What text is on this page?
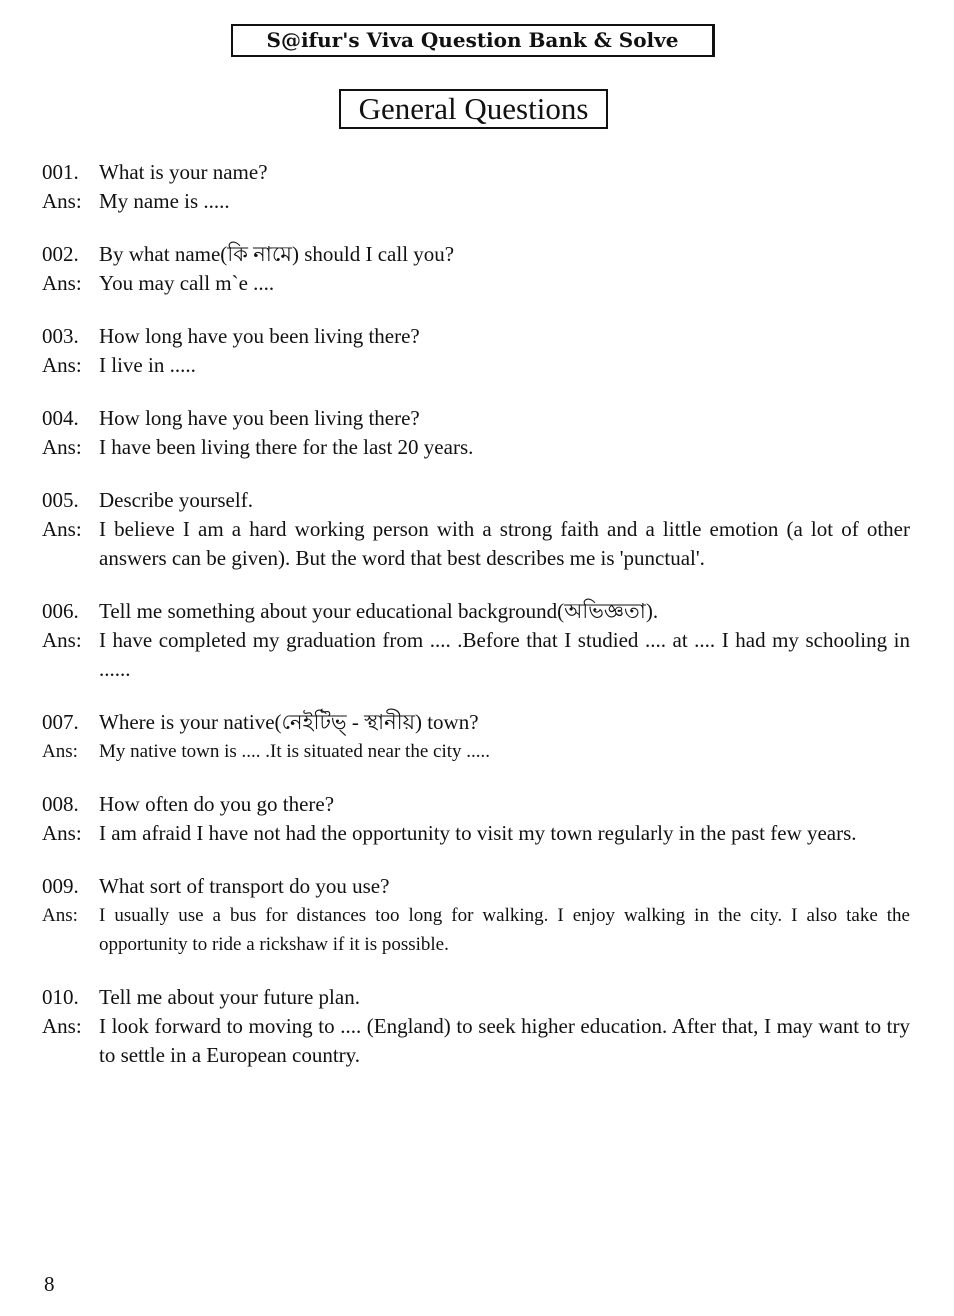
S@ifur's Viva Question Bank & Solve
General Questions
001. What is your name?
Ans: My name is .....
002. By what name(কি নামে) should I call you?
Ans: You may call m`e ....
003. How long have you been living there?
Ans: I live in .....
004. How long have you been living there?
Ans: I have been living there for the last 20 years.
005. Describe yourself.
Ans: I believe I am a hard working person with a strong faith and a little emotion (a lot of other answers can be given). But the word that best describes me is 'punctual'.
006. Tell me something about your educational background(অভিজ্ঞতা).
Ans: I have completed my graduation from .... .Before that I studied .... at .... I had my schooling in ......
007. Where is your native(নেইটিভ্ - স্থানীয়) town?
Ans:	My native town is .... .It is situated near the city .....
008. How often do you go there?
Ans: I am afraid I have not had the opportunity to visit my town regularly in the past few years.
009. What sort of transport do you use?
Ans:	I usually use a bus for distances too long for walking. I enjoy walking in the city. I also take the opportunity to ride a rickshaw if it is possible.
010. Tell me about your future plan.
Ans: I look forward to moving to .... (England) to seek higher education. After that, I may want to try to settle in a European country.
8
